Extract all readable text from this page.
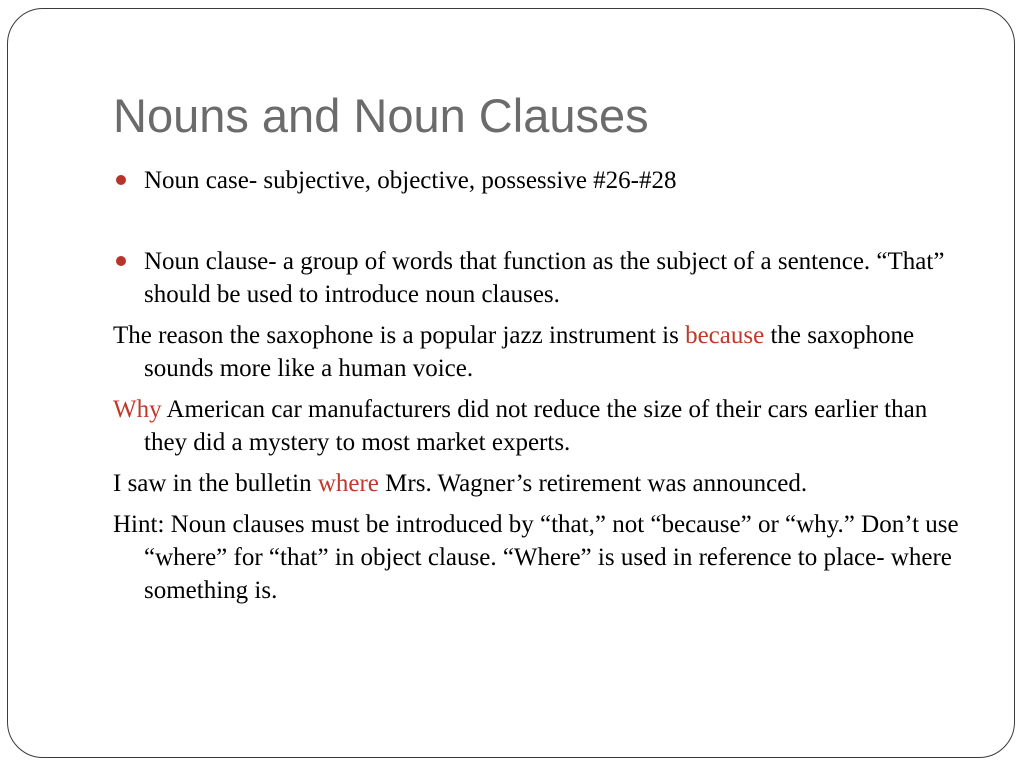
Nouns and Noun Clauses

Noun case- subjective, objective, possessive #26-#28

Noun clause- a group of words that function as the subject of a sentence. “That” should be used to introduce noun clauses.

The reason the saxophone is a popular jazz instrument is because the saxophone sounds more like a human voice.

Why American car manufacturers did not reduce the size of their cars earlier than they did a mystery to most market experts.

I saw in the bulletin where Mrs. Wagner’s retirement was announced.

Hint: Noun clauses must be introduced by “that,” not “because” or “why.” Don’t use “where” for “that” in object clause. “Where” is used in reference to place- where something is.
